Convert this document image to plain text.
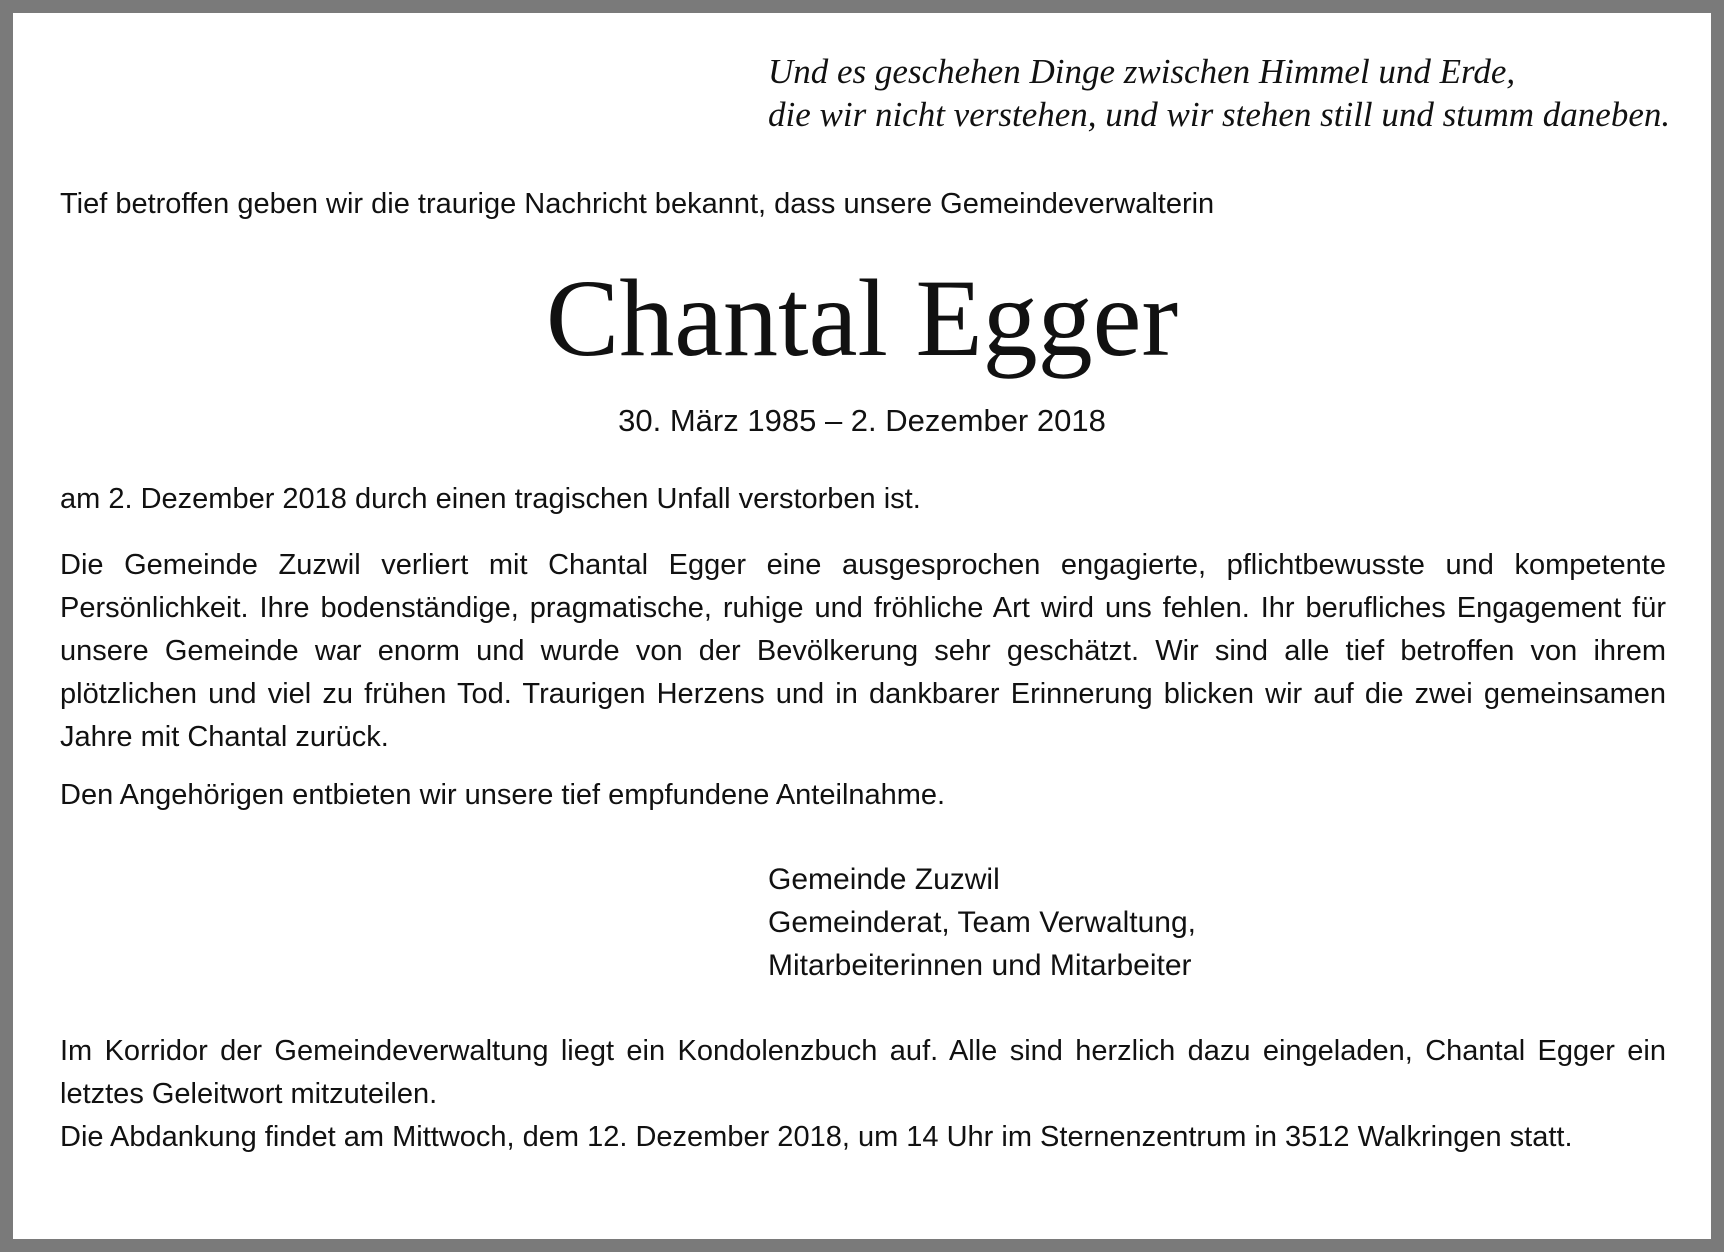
Und es geschehen Dinge zwischen Himmel und Erde,
die wir nicht verstehen, und wir stehen still und stumm daneben.
Tief betroffen geben wir die traurige Nachricht bekannt, dass unsere Gemeindeverwalterin
Chantal Egger
30. März 1985 – 2. Dezember 2018
am 2. Dezember 2018 durch einen tragischen Unfall verstorben ist.
Die Gemeinde Zuzwil verliert mit Chantal Egger eine ausgesprochen engagierte, pflichtbewusste und kompetente Persönlichkeit. Ihre bodenständige, pragmatische, ruhige und fröhliche Art wird uns fehlen. Ihr berufliches Engagement für unsere Gemeinde war enorm und wurde von der Bevölkerung sehr geschätzt. Wir sind alle tief betroffen von ihrem plötzlichen und viel zu frühen Tod. Traurigen Herzens und in dankbarer Erinnerung blicken wir auf die zwei gemeinsamen Jahre mit Chantal zurück.
Den Angehörigen entbieten wir unsere tief empfundene Anteilnahme.
Gemeinde Zuzwil
Gemeinderat, Team Verwaltung,
Mitarbeiterinnen und Mitarbeiter
Im Korridor der Gemeindeverwaltung liegt ein Kondolenzbuch auf. Alle sind herzlich dazu eingeladen, Chantal Egger ein letztes Geleitwort mitzuteilen.
Die Abdankung findet am Mittwoch, dem 12. Dezember 2018, um 14 Uhr im Sternenzentrum in 3512 Walkringen statt.
